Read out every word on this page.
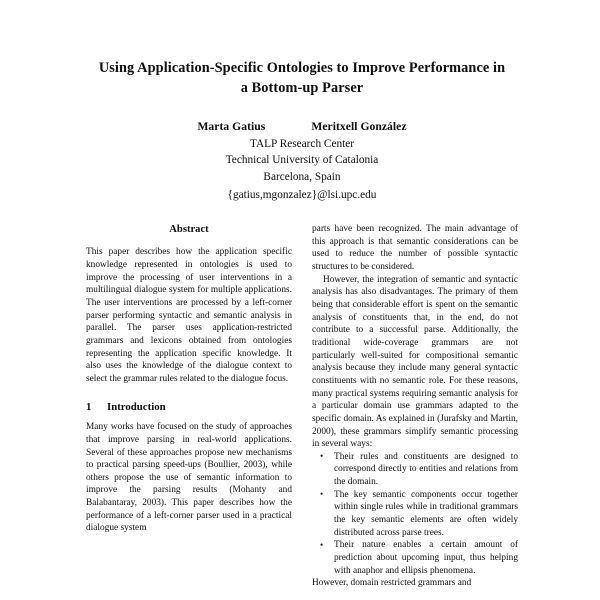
Using Application-Specific Ontologies to Improve Performance in a Bottom-up Parser
Marta Gatius	Meritxell González
TALP Research Center
Technical University of Catalonia
Barcelona, Spain
{gatius,mgonzalez}@lsi.upc.edu
Abstract

This paper describes how the application specific knowledge represented in ontologies is used to improve the processing of user interventions in a multilingual dialogue system for multiple applications. The user interventions are processed by a left-corner parser performing syntactic and semantic analysis in parallel. The parser uses application-restricted grammars and lexicons obtained from ontologies representing the application specific knowledge. It also uses the knowledge of the dialogue context to select the grammar rules related to the dialogue focus.

1	Introduction

Many works have focused on the study of approaches that improve parsing in real-world applications. Several of these approaches propose new mechanisms to practical parsing speed-ups (Boullier, 2003), while others propose the use of semantic information to improve the parsing results (Mohanty and Balabantaray, 2003). This paper describes how the performance of a left-corner parser used in a practical dialogue system

parts have been recognized. The main advantage of this approach is that semantic considerations can be used to reduce the number of possible syntactic structures to be considered.

However, the integration of semantic and syntactic analysis has also disadvantages. The primary of them being that considerable effort is spent on the semantic analysis of constituents that, in the end, do not contribute to a successful parse. Additionally, the traditional wide-coverage grammars are not particularly well-suited for compositional semantic analysis because they include many general syntactic constituents with no semantic role. For these reasons, many practical systems requiring semantic analysis for a particular domain use grammars adapted to the specific domain. As explained in (Jurafsky and Martin, 2000), these grammars simplify semantic processing in several ways:

• Their rules and constituents are designed to correspond directly to entities and relations from the domain.
• The key semantic components occur together within single rules while in traditional grammars the key semantic elements are often widely distributed across parse trees.
• Their nature enables a certain amount of prediction about upcoming input, thus helping with anaphor and ellipsis phenomena.

However, domain restricted grammars and
